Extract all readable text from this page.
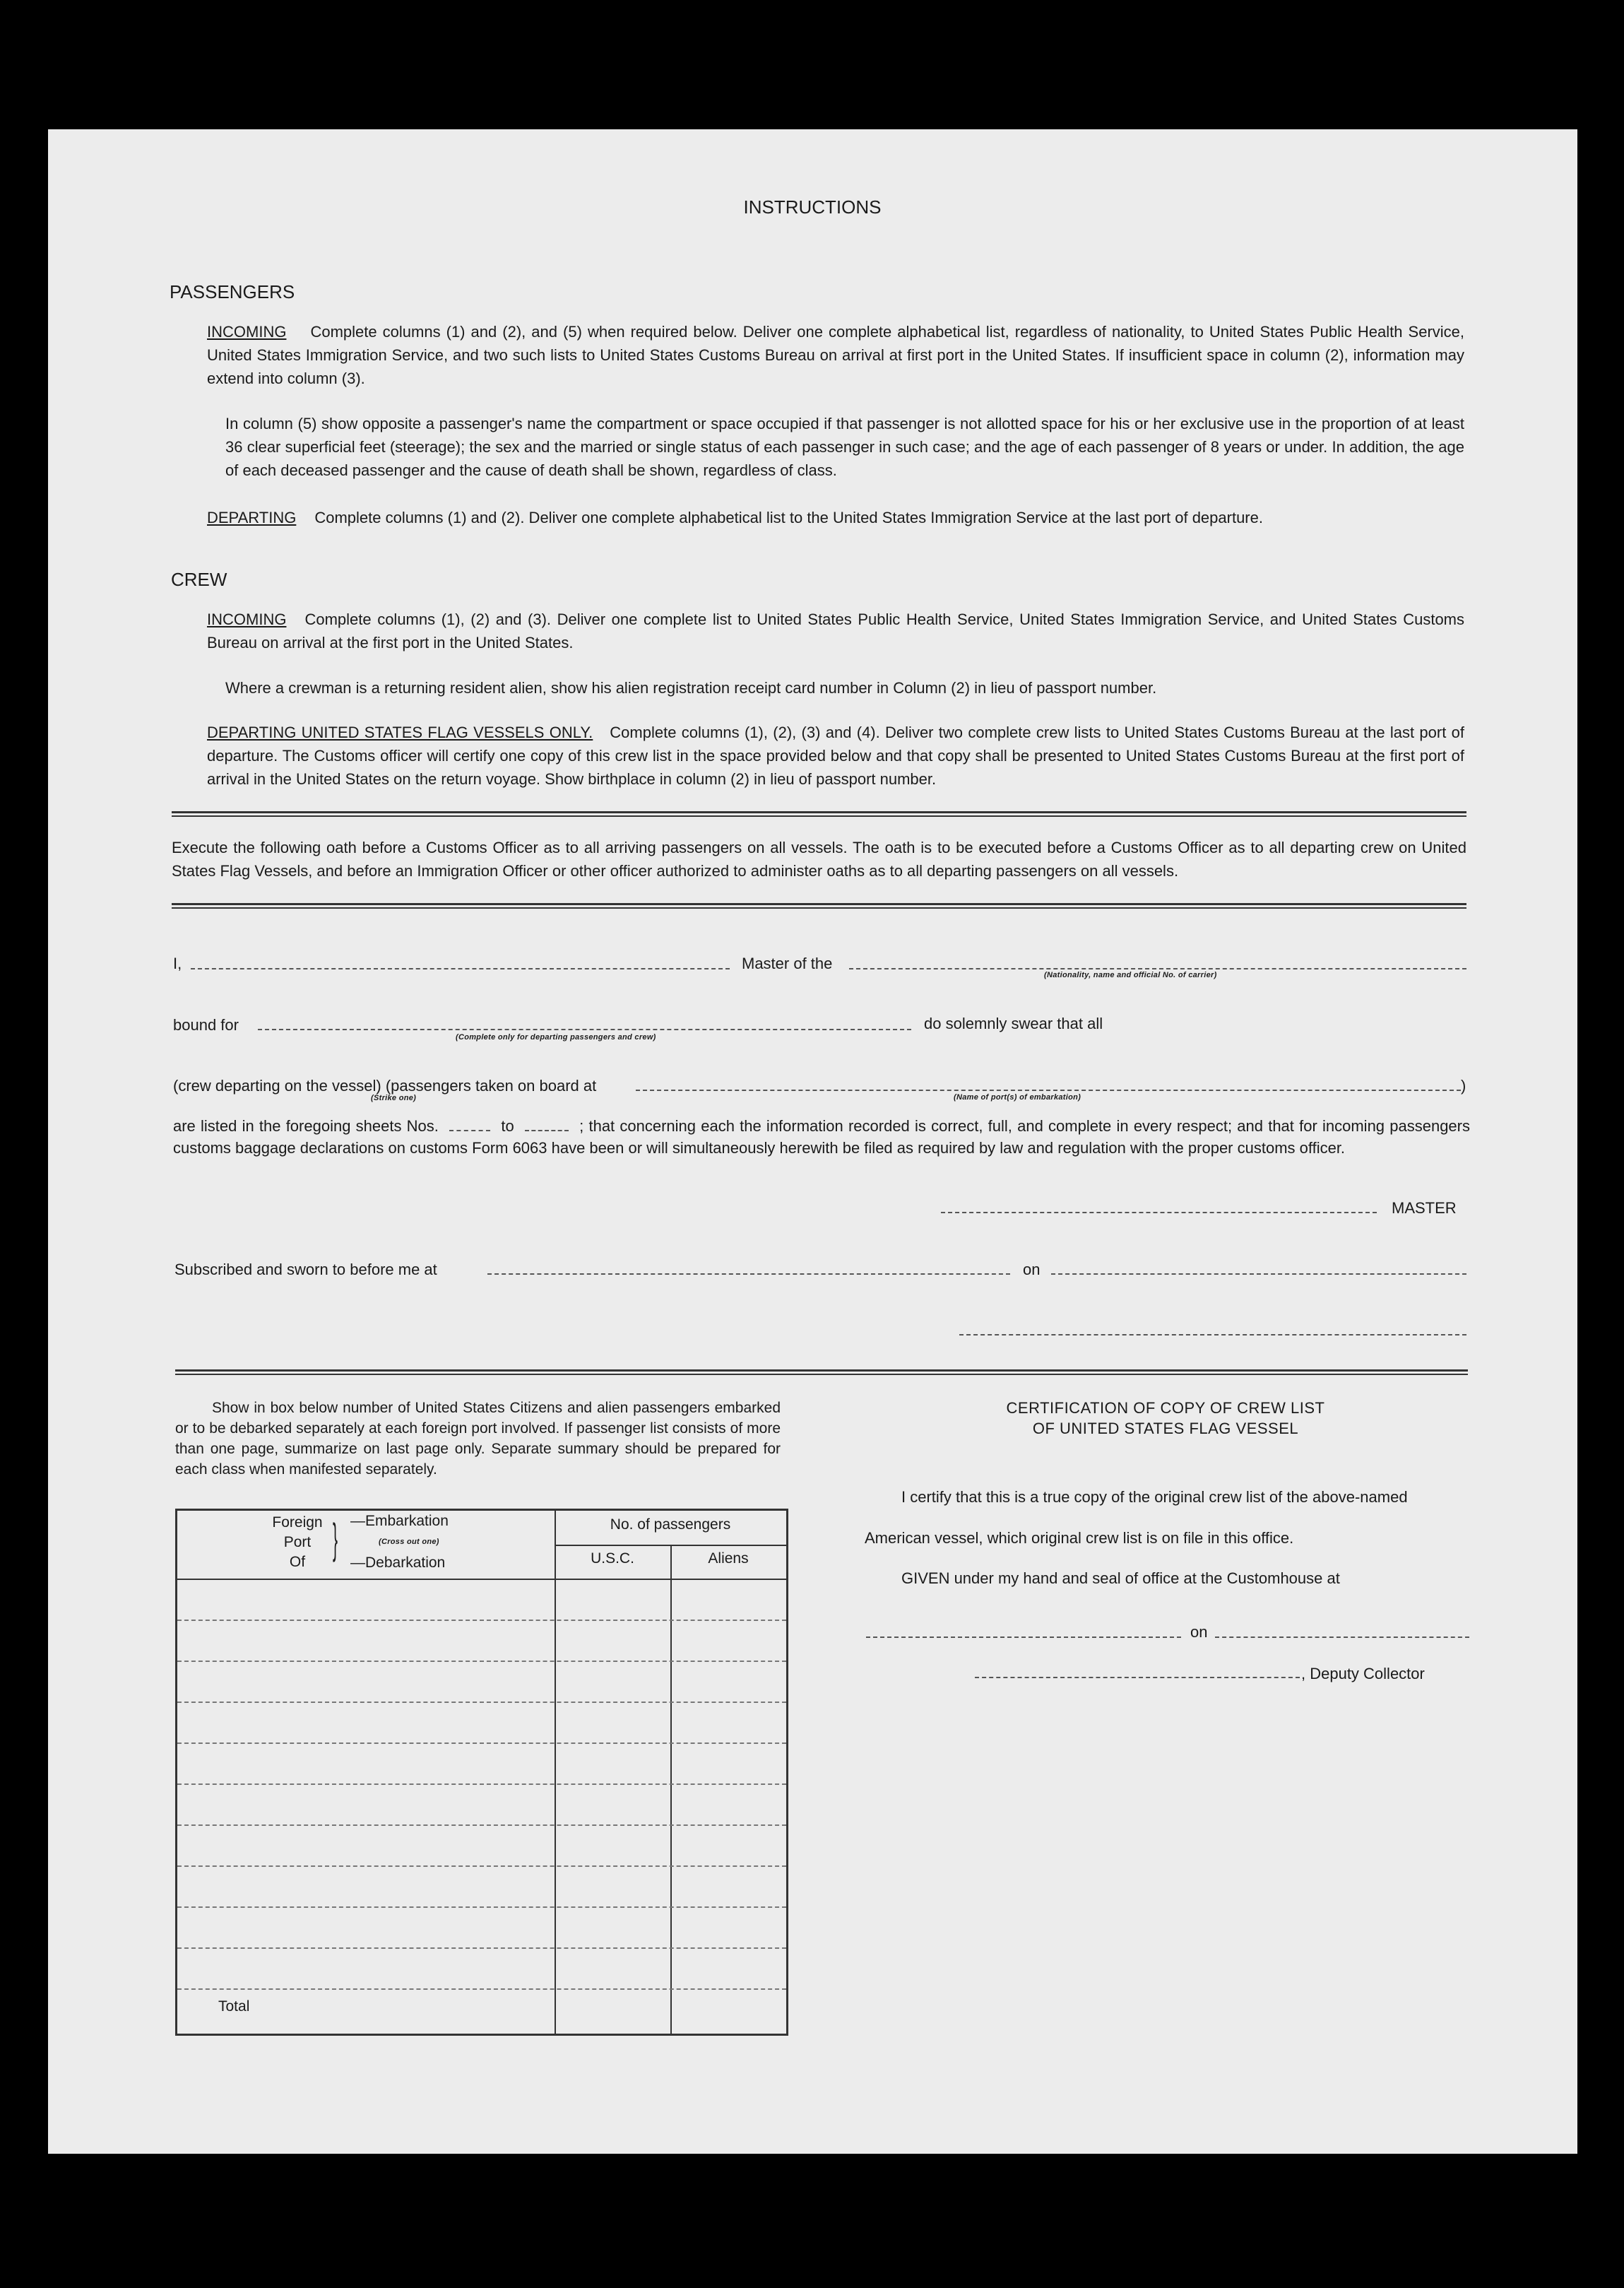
INSTRUCTIONS
PASSENGERS
INCOMING Complete columns (1) and (2), and (5) when required below. Deliver one complete alphabetical list, regardless of nationality, to United States Public Health Service, United States Immigration Service, and two such lists to United States Customs Bureau on arrival at first port in the United States. If insufficient space in column (2), information may extend into column (3).
In column (5) show opposite a passenger's name the compartment or space occupied if that passenger is not allotted space for his or her exclusive use in the proportion of at least 36 clear superficial feet (steerage); the sex and the married or single status of each passenger in such case; and the age of each passenger of 8 years or under. In addition, the age of each deceased passenger and the cause of death shall be shown, regardless of class.
DEPARTING Complete columns (1) and (2). Deliver one complete alphabetical list to the United States Immigration Service at the last port of departure.
CREW
INCOMING Complete columns (1), (2) and (3). Deliver one complete list to United States Public Health Service, United States Immigration Service, and United States Customs Bureau on arrival at the first port in the United States.
Where a crewman is a returning resident alien, show his alien registration receipt card number in Column (2) in lieu of passport number.
DEPARTING UNITED STATES FLAG VESSELS ONLY. Complete columns (1), (2), (3) and (4). Deliver two complete crew lists to United States Customs Bureau at the last port of departure. The Customs officer will certify one copy of this crew list in the space provided below and that copy shall be presented to United States Customs Bureau at the first port of arrival in the United States on the return voyage. Show birthplace in column (2) in lieu of passport number.
Execute the following oath before a Customs Officer as to all arriving passengers on all vessels. The oath is to be executed before a Customs Officer as to all departing crew on United States Flag Vessels, and before an Immigration Officer or other officer authorized to administer oaths as to all departing passengers on all vessels.
I,	Master of the
(Nationality, name and official No. of carrier)
bound for
(Complete only for departing passengers and crew)
do solemnly swear that all
(crew departing on the vessel) (passengers taken on board at
(Strike one)	(Name of port(s) of embarkation)
)
are listed in the foregoing sheets Nos.	to	; that concerning each the information recorded is correct, full, and complete in every respect; and that for incoming passengers customs baggage declarations on customs Form 6063 have been or will simultaneously herewith be filed as required by law and regulation with the proper customs officer.
MASTER
Subscribed and sworn to before me at	on
Show in box below number of United States Citizens and alien passengers embarked or to be debarked separately at each foreign port involved. If passenger list consists of more than one page, summarize on last page only. Separate summary should be prepared for each class when manifested separately.
Foreign
Port
Of } —Embarkation
(Cross out one)
—Debarkation
No. of passengers
U.S.C.	Aliens
Total
CERTIFICATION OF COPY OF CREW LIST
OF UNITED STATES FLAG VESSEL
I certify that this is a true copy of the original crew list of the above-named
American vessel, which original crew list is on file in this office.
GIVEN under my hand and seal of office at the Customhouse at
on
, Deputy Collector
